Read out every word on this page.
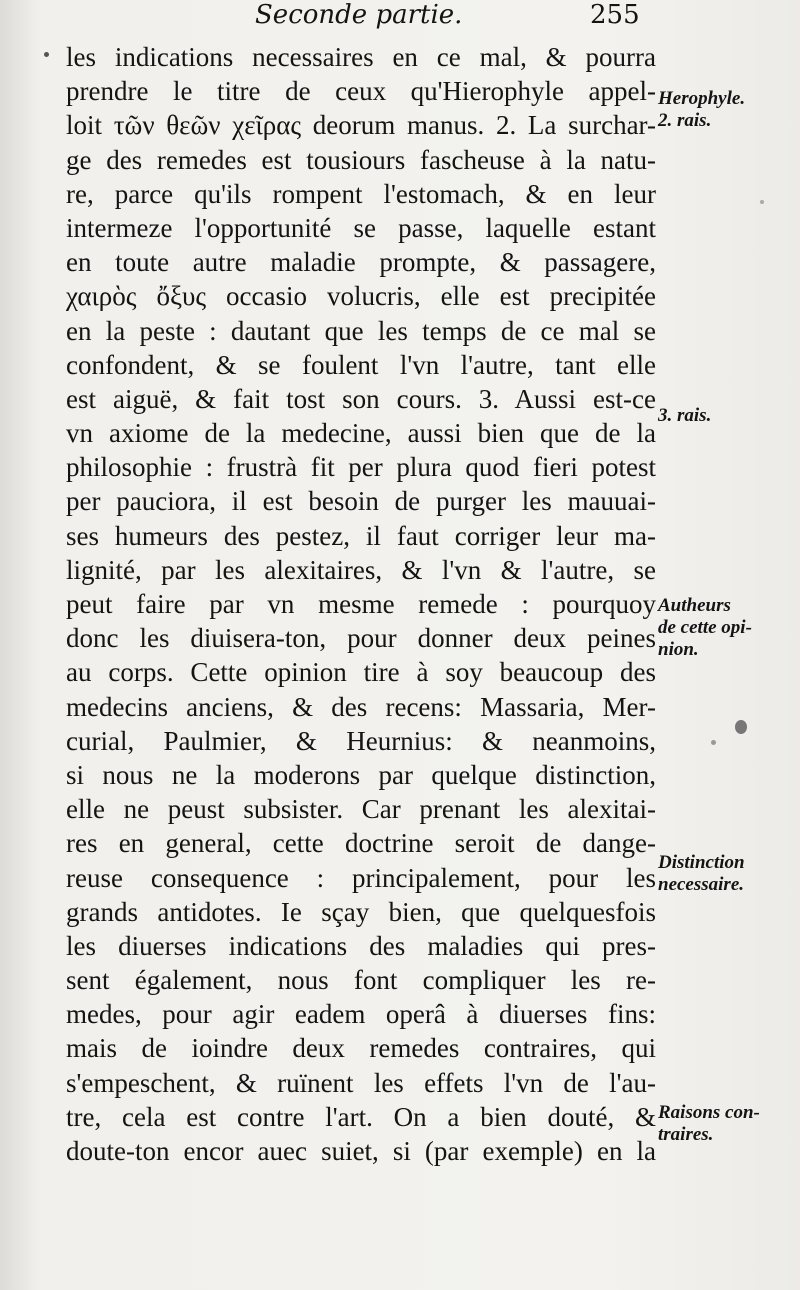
Seconde partie.	255
les indications necessaires en ce mal, & pourra
prendre le titre de ceux qu'Hierophyle appel-
loit τῶν θεῶν χεῖρας deorum manus. 2. La surchar-
ge des remedes est tousiours fascheuse à la natu-
re, parce qu'ils rompent l'estomach, & en leur
intermeze l'opportunité se passe, laquelle estant
en toute autre maladie prompte, & passagere,
χαιρὸς ὄξυς occasio volucris, elle est precipitée
en la peste : dautant que les temps de ce mal se
confondent, & se foulent l'vn l'autre, tant elle
est aiguë, & fait tost son cours. 3. Aussi est-ce
vn axiome de la medecine, aussi bien que de la
philosophie : frustrà fit per plura quod fieri potest
per pauciora, il est besoin de purger les mauuai-
ses humeurs des pestez, il faut corriger leur ma-
lignité, par les alexitaires, & l'vn & l'autre, se
peut faire par vn mesme remede : pourquoy
donc les diuisera-ton, pour donner deux peines
au corps. Cette opinion tire à soy beaucoup des
medecins anciens, & des recens: Massaria, Mer-
curial, Paulmier, & Heurnius: & neanmoins,
si nous ne la moderons par quelque distinction,
elle ne peust subsister. Car prenant les alexitai-
res en general, cette doctrine seroit de dange-
reuse consequence : principalement, pour les
grands antidotes. Ie sçay bien, que quelquesfois
les diuerses indications des maladies qui pres-
sent également, nous font compliquer les re-
medes, pour agir eadem operâ à diuerses fins:
mais de ioindre deux remedes contraires, qui
s'empeschent, & ruïnent les effets l'vn de l'au-
tre, cela est contre l'art. On a bien douté, &
doute-ton encor auec suiet, si (par exemple) en la
Herophyle.
2. rais.
3. rais.
Autheurs
de cette opi-
nion.
Distinction
necessaire.
Raisons con-
traires.
